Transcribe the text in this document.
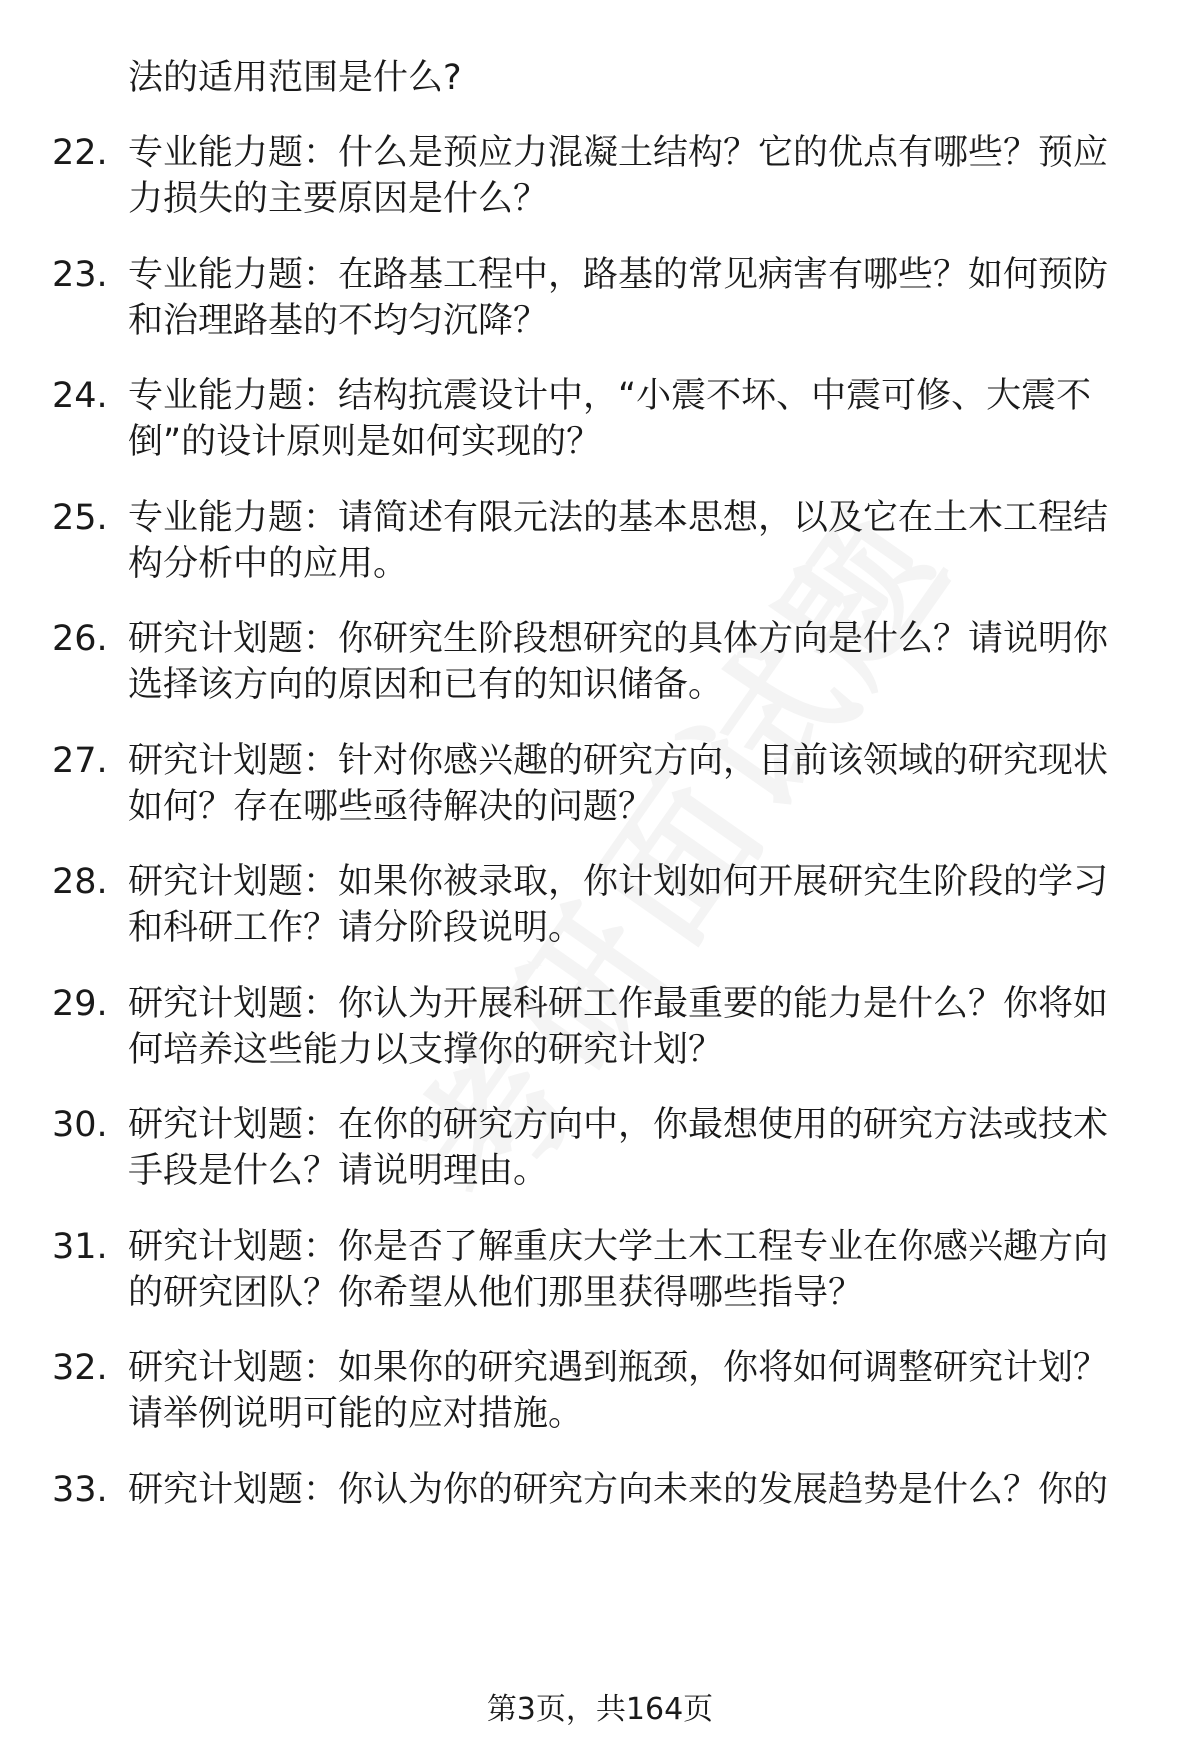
法的适用范围是什么?
22. 专业能力题：什么是预应力混凝土结构？它的优点有哪些？预应
力损失的主要原因是什么？
23. 专业能力题：在路基工程中，路基的常见病害有哪些？如何预防
和治理路基的不均匀沉降？
24. 专业能力题：结构抗震设计中，“小震不坏、中震可修、大震不
倒”的设计原则是如何实现的？
25. 专业能力题：请简述有限元法的基本思想，以及它在土木工程结
构分析中的应用。
26. 研究计划题：你研究生阶段想研究的具体方向是什么？请说明你
选择该方向的原因和已有的知识储备。
27. 研究计划题：针对你感兴趣的研究方向，目前该领域的研究现状
如何？存在哪些亟待解决的问题？
28. 研究计划题：如果你被录取，你计划如何开展研究生阶段的学习
和科研工作？请分阶段说明。
29. 研究计划题：你认为开展科研工作最重要的能力是什么？你将如
何培养这些能力以支撑你的研究计划？
30. 研究计划题：在你的研究方向中，你最想使用的研究方法或技术
手段是什么？请说明理由。
31. 研究计划题：你是否了解重庆大学土木工程专业在你感兴趣方向
的研究团队？你希望从他们那里获得哪些指导？
32. 研究计划题：如果你的研究遇到瓶颈，你将如何调整研究计划？
请举例说明可能的应对措施。
33. 研究计划题：你认为你的研究方向未来的发展趋势是什么？你的
第3页，共164页
